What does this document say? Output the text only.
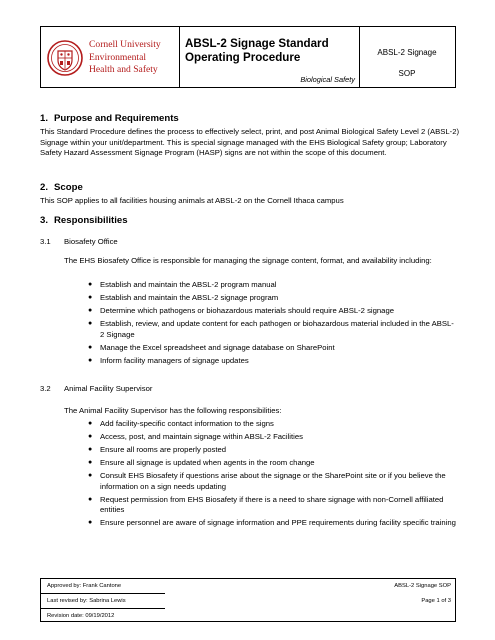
Cornell University
Environmental
Health and Safety
ABSL-2 Signage Standard Operating Procedure
Biological Safety
ABSL-2 Signage
SOP
1. Purpose and Requirements
This Standard Procedure defines the process to effectively select, print, and post Animal Biological Safety Level 2 (ABSL-2) Signage within your unit/department. This is special signage managed with the EHS Biological Safety group; Laboratory Safety Hazard Assessment Signage Program (HASP) signs are not within the scope of this document.
2. Scope
This SOP applies to all facilities housing animals at ABSL-2 on the Cornell Ithaca campus
3. Responsibilities
3.1 Biosafety Office
The EHS Biosafety Office is responsible for managing the signage content, format, and availability including:
● Establish and maintain the ABSL-2 program manual
● Establish and maintain the ABSL-2 signage program
● Determine which pathogens or biohazardous materials should require ABSL-2 signage
● Establish, review, and update content for each pathogen or biohazardous material included in the ABSL-2 Signage
● Manage the Excel spreadsheet and signage database on SharePoint
● Inform facility managers of signage updates
3.2 Animal Facility Supervisor
The Animal Facility Supervisor has the following responsibilities:
● Add facility-specific contact information to the signs
● Access, post, and maintain signage within ABSL-2 Facilities
● Ensure all rooms are properly posted
● Ensure all signage is updated when agents in the room change
● Consult EHS Biosafety if questions arise about the signage or the SharePoint site or if you believe the information on a sign needs updating
● Request permission from EHS Biosafety if there is a need to share signage with non-Cornell affiliated entities
● Ensure personnel are aware of signage information and PPE requirements during facility specific training
Approved by: Frank Cantone
Last revised by: Sabrina Lewis
Revision date: 09/19/2012
ABSL-2 Signage SOP
Page 1 of 3
